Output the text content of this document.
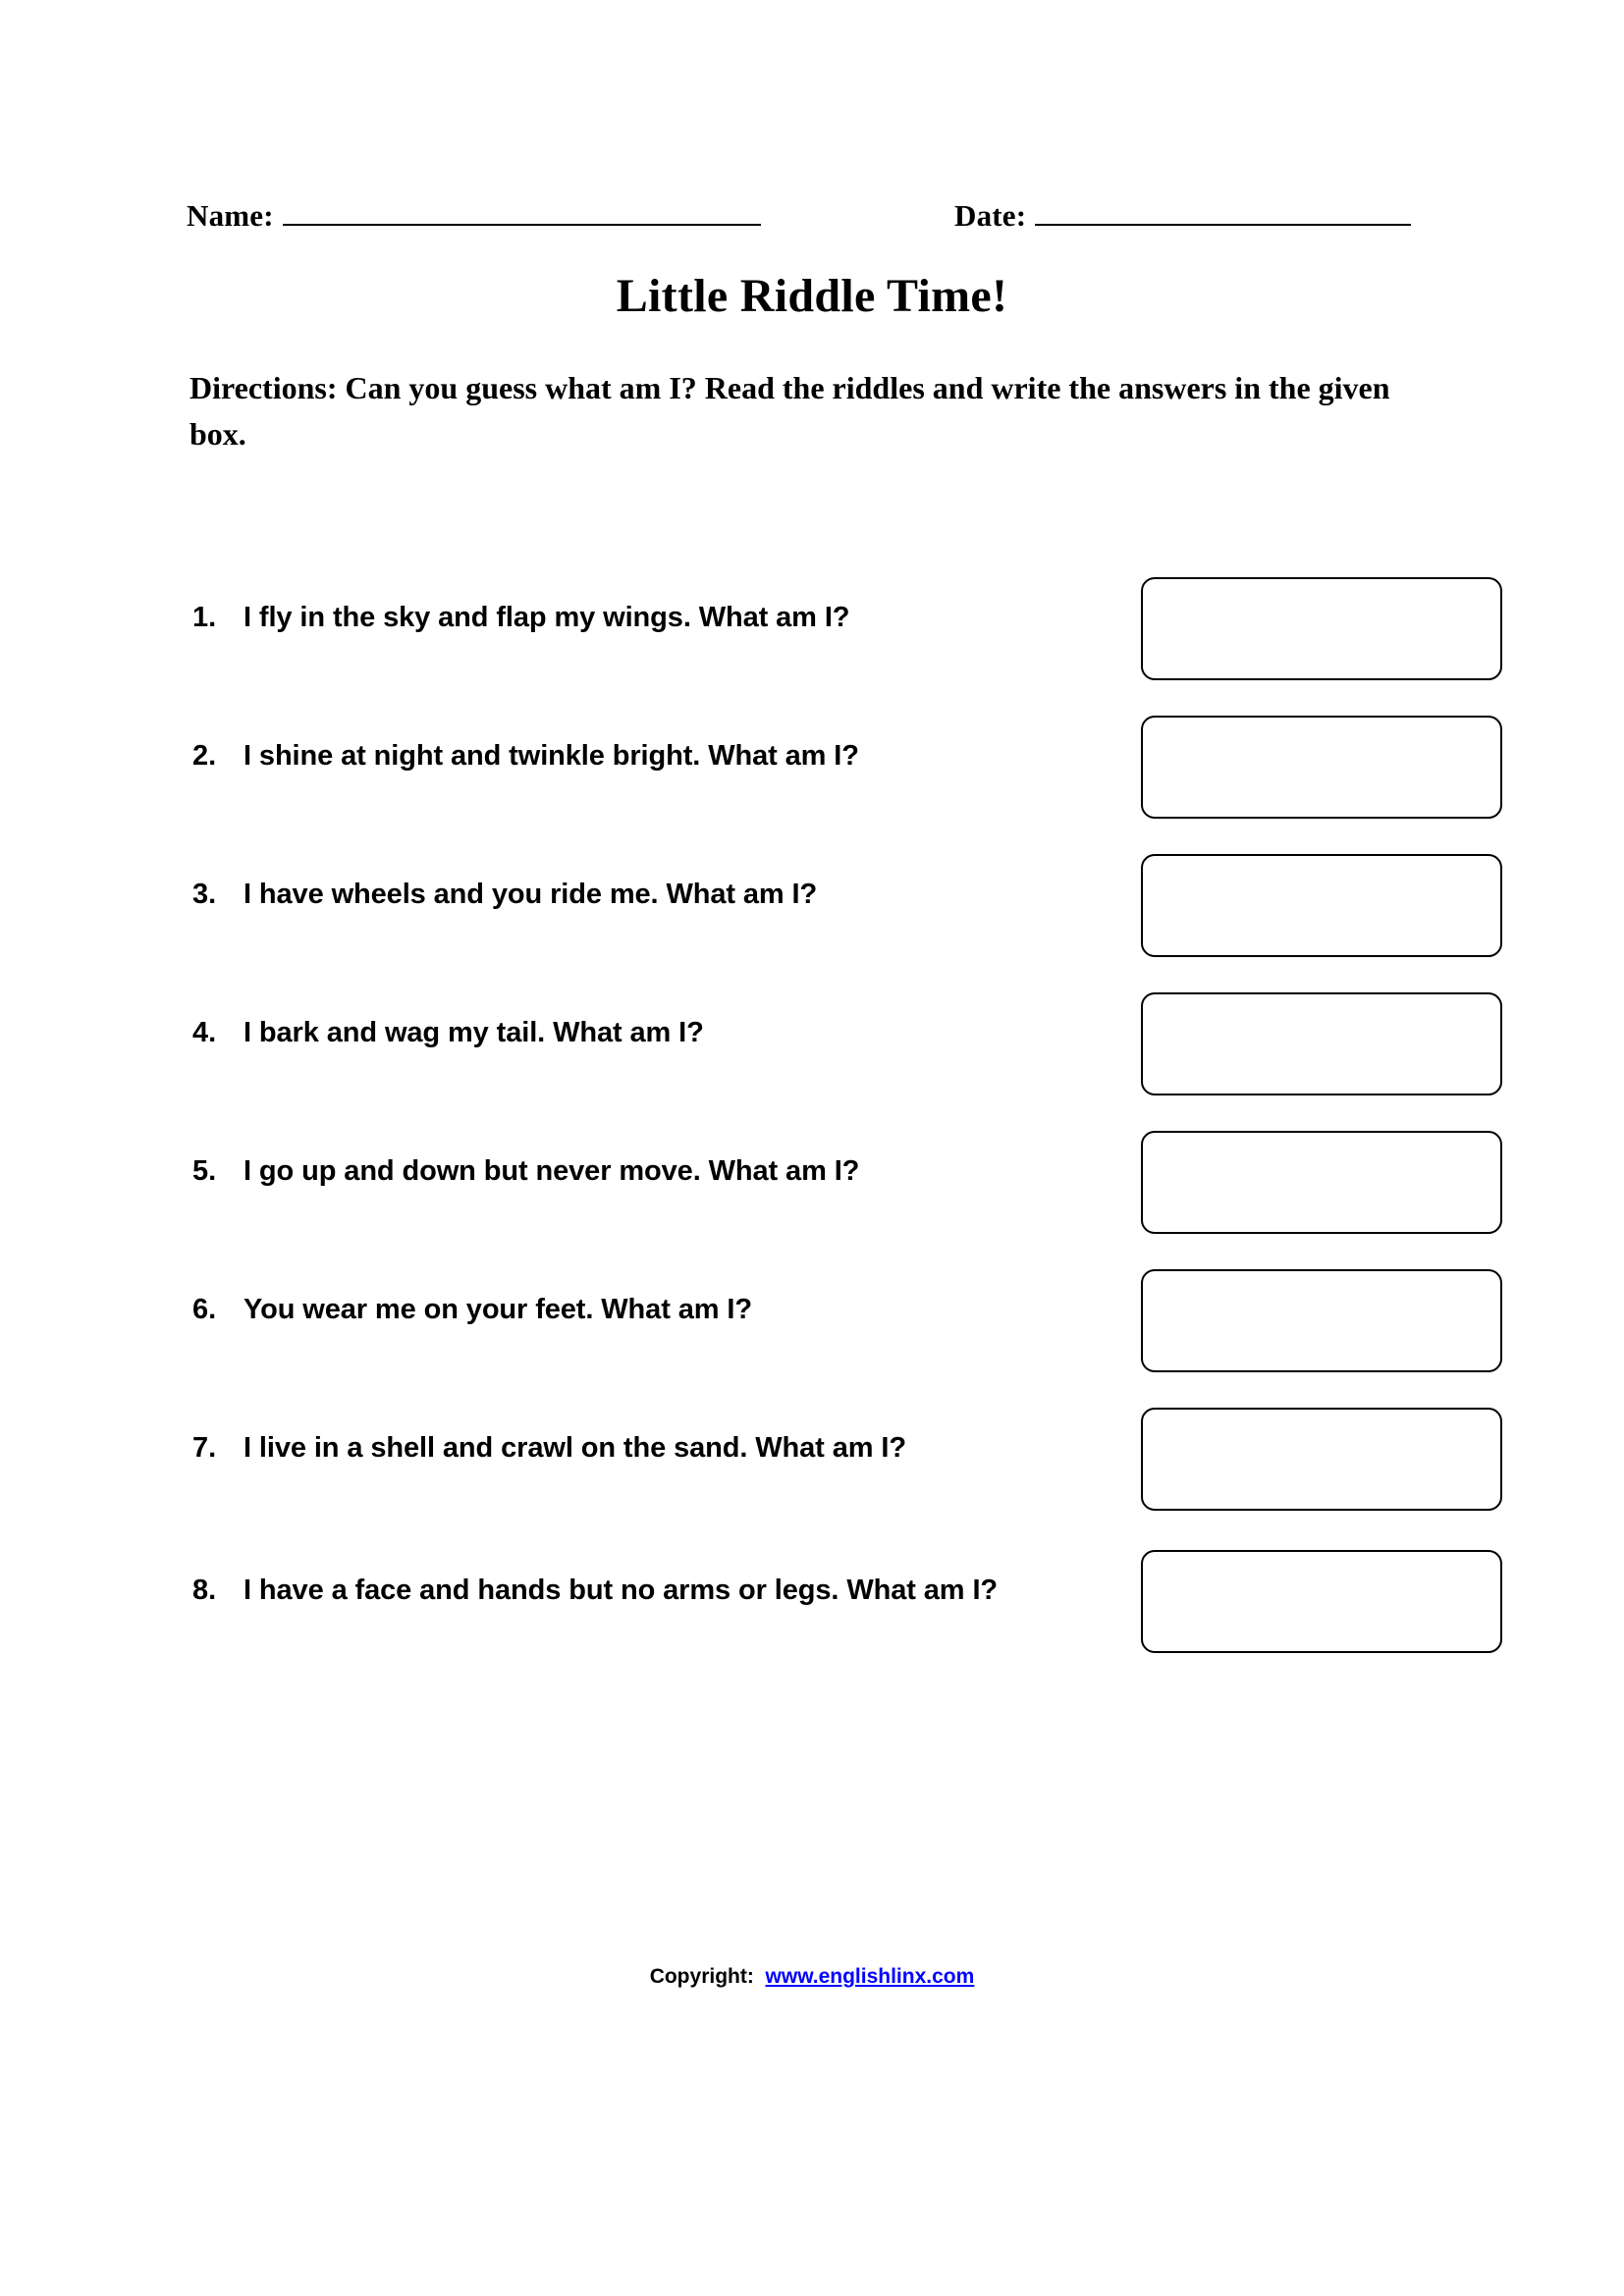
Name:	Date:
Little Riddle Time!
Directions: Can you guess what am I? Read the riddles and write the answers in the given box.
1. I fly in the sky and flap my wings. What am I?
2. I shine at night and twinkle bright. What am I?
3. I have wheels and you ride me. What am I?
4. I bark and wag my tail. What am I?
5. I go up and down but never move. What am I?
6. You wear me on your feet. What am I?
7. I live in a shell and crawl on the sand. What am I?
8. I have a face and hands but no arms or legs. What am I?
Copyright: www.englishlinx.com
